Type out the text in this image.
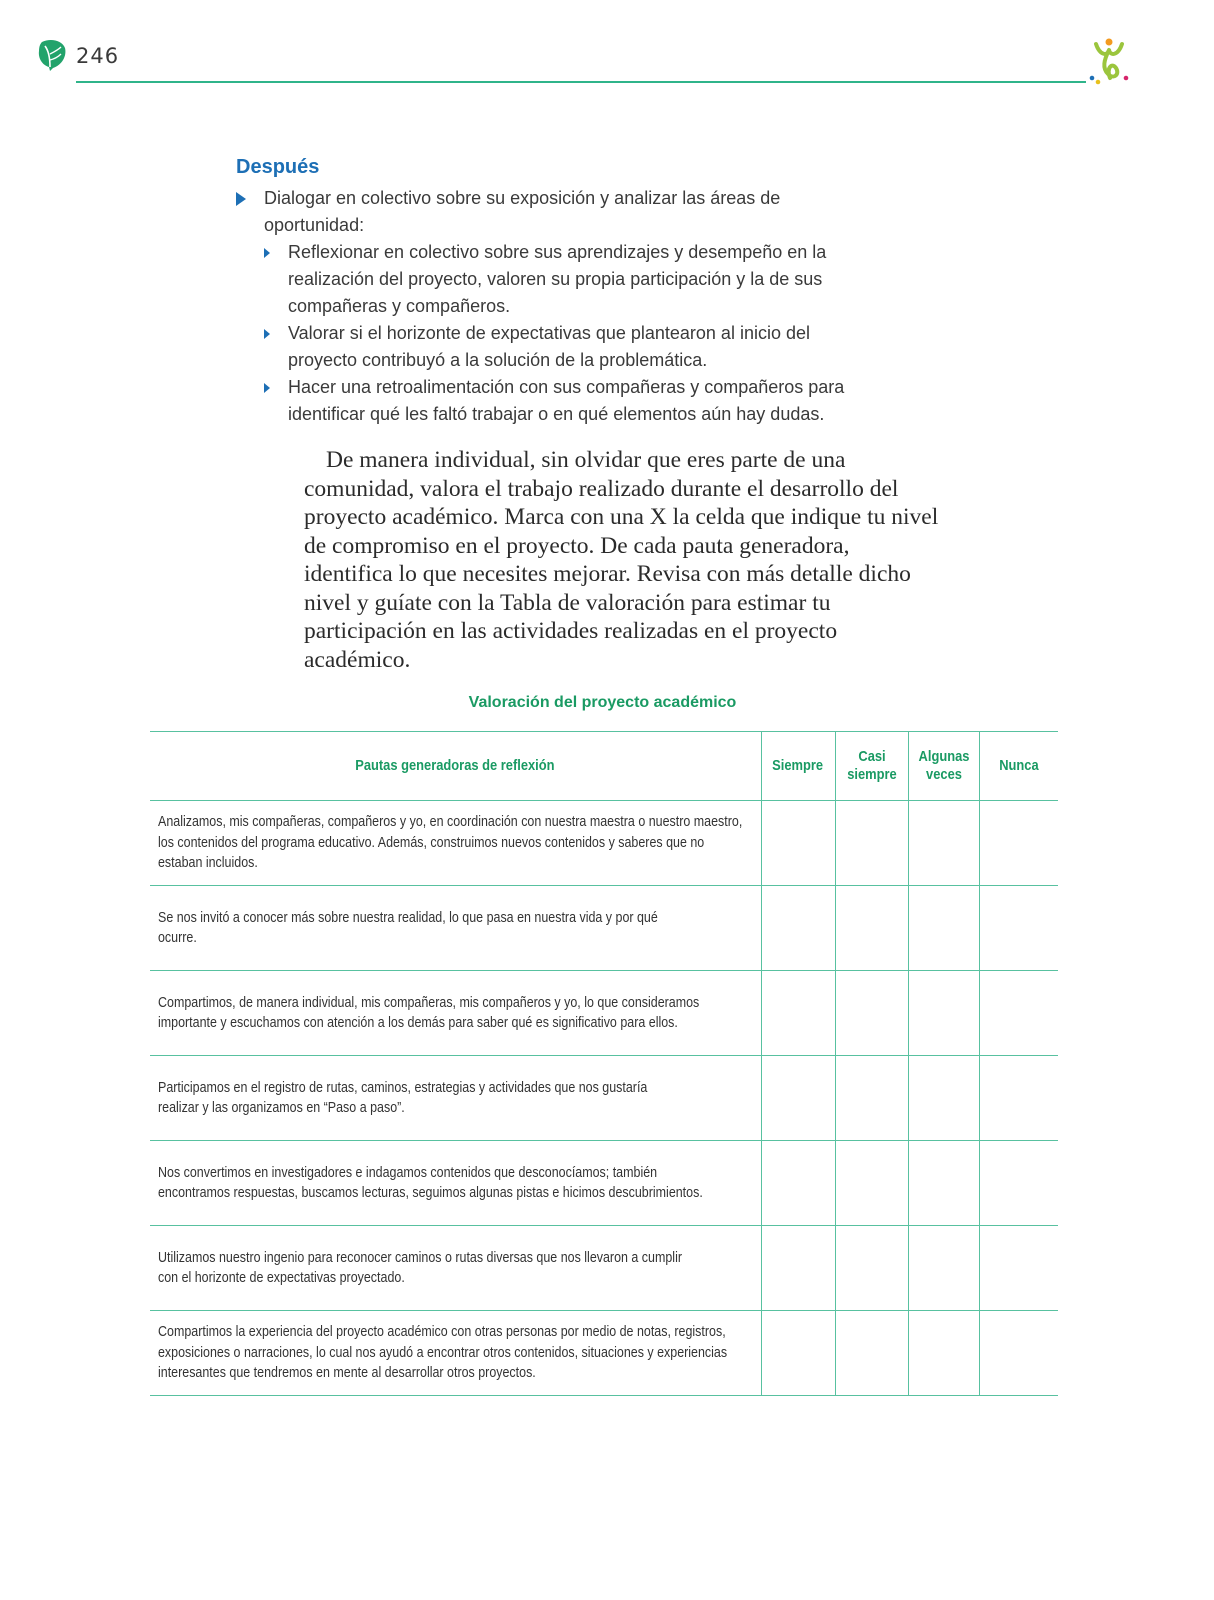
246
Después
Dialogar en colectivo sobre su exposición y analizar las áreas de oportunidad:
Reflexionar en colectivo sobre sus aprendizajes y desempeño en la realización del proyecto, valoren su propia participación y la de sus compañeras y compañeros.
Valorar si el horizonte de expectativas que plantearon al inicio del proyecto contribuyó a la solución de la problemática.
Hacer una retroalimentación con sus compañeras y compañeros para identificar qué les faltó trabajar o en qué elementos aún hay dudas.

De manera individual, sin olvidar que eres parte de una comunidad, valora el trabajo realizado durante el desarrollo del proyecto académico. Marca con una X la celda que indique tu nivel de compromiso en el proyecto. De cada pauta generadora, identifica lo que necesites mejorar. Revisa con más detalle dicho nivel y guíate con la Tabla de valoración para estimar tu participación en las actividades realizadas en el proyecto académico.

Valoración del proyecto académico
Pautas generadoras de reflexión	Siempre	Casi siempre	Algunas veces	Nunca

Analizamos, mis compañeras, compañeros y yo, en coordinación con nuestra maestra o nuestro maestro, los contenidos del programa educativo. Además, construimos nuevos contenidos y saberes que no estaban incluidos.				

Se nos invitó a conocer más sobre nuestra realidad, lo que pasa en nuestra vida y por qué ocurre.				

Compartimos, de manera individual, mis compañeras, mis compañeros y yo, lo que consideramos importante y escuchamos con atención a los demás para saber qué es significativo para ellos.				

Participamos en el registro de rutas, caminos, estrategias y actividades que nos gustaría realizar y las organizamos en “Paso a paso”.				

Nos convertimos en investigadores e indagamos contenidos que desconocíamos; también encontramos respuestas, buscamos lecturas, seguimos algunas pistas e hicimos descubrimientos.				

Utilizamos nuestro ingenio para reconocer caminos o rutas diversas que nos llevaron a cumplir con el horizonte de expectativas proyectado.				

Compartimos la experiencia del proyecto académico con otras personas por medio de notas, registros, exposiciones o narraciones, lo cual nos ayudó a encontrar otros contenidos, situaciones y experiencias interesantes que tendremos en mente al desarrollar otros proyectos.				
